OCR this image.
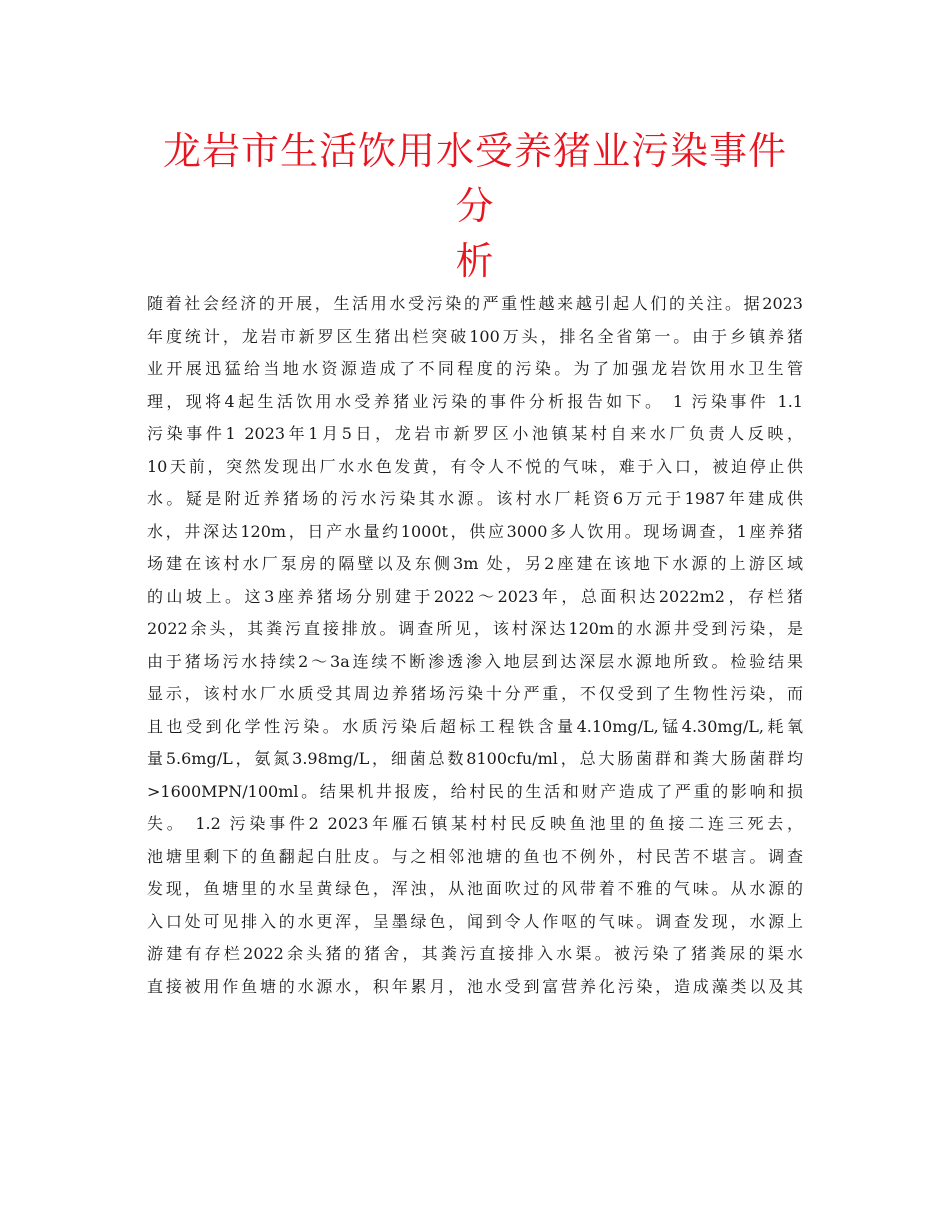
龙岩市生活饮用水受养猪业污染事件分
析
随着社会经济的开展，生活用水受污染的严重性越来越引起人们的关注。据2023
年度统计，龙岩市新罗区生猪出栏突破100万头，排名全省第一。由于乡镇养猪
业开展迅猛给当地水资源造成了不同程度的污染。为了加强龙岩饮用水卫生管
理，现将4起生活饮用水受养猪业污染的事件分析报告如下。 1 污染事件 1.1
污染事件1 2023年1月5日，龙岩市新罗区小池镇某村自来水厂负责人反映，
10天前，突然发现出厂水水色发黄，有令人不悦的气味，难于入口，被迫停止供
水。疑是附近养猪场的污水污染其水源。该村水厂耗资6万元于1987年建成供
水，井深达120m，日产水量约1000t，供应3000多人饮用。现场调查，1座养猪
场建在该村水厂泵房的隔壁以及东侧3m 处，另2座建在该地下水源的上游区域
的山坡上。这3座养猪场分别建于2022～2023年，总面积达2022m2，存栏猪
2022余头，其粪污直接排放。调查所见，该村深达120m的水源井受到污染，是
由于猪场污水持续2～3a连续不断渗透渗入地层到达深层水源地所致。检验结果
显示，该村水厂水质受其周边养猪场污染十分严重，不仅受到了生物性污染，而
且也受到化学性污染。水质污染后超标工程铁含量4.10mg/L,锰4.30mg/L,耗氧
量5.6mg/L，氨氮3.98mg/L，细菌总数8100cfu/ml，总大肠菌群和粪大肠菌群均
>1600MPN/100ml。结果机井报废，给村民的生活和财产造成了严重的影响和损
失。 1.2 污染事件2 2023年雁石镇某村村民反映鱼池里的鱼接二连三死去，
池塘里剩下的鱼翻起白肚皮。与之相邻池塘的鱼也不例外，村民苦不堪言。调查
发现，鱼塘里的水呈黄绿色，浑浊，从池面吹过的风带着不雅的气味。从水源的
入口处可见排入的水更浑，呈墨绿色，闻到令人作呕的气味。调查发现，水源上
游建有存栏2022余头猪的猪舍，其粪污直接排入水渠。被污染了猪粪尿的渠水
直接被用作鱼塘的水源水，积年累月，池水受到富营养化污染，造成藻类以及其
